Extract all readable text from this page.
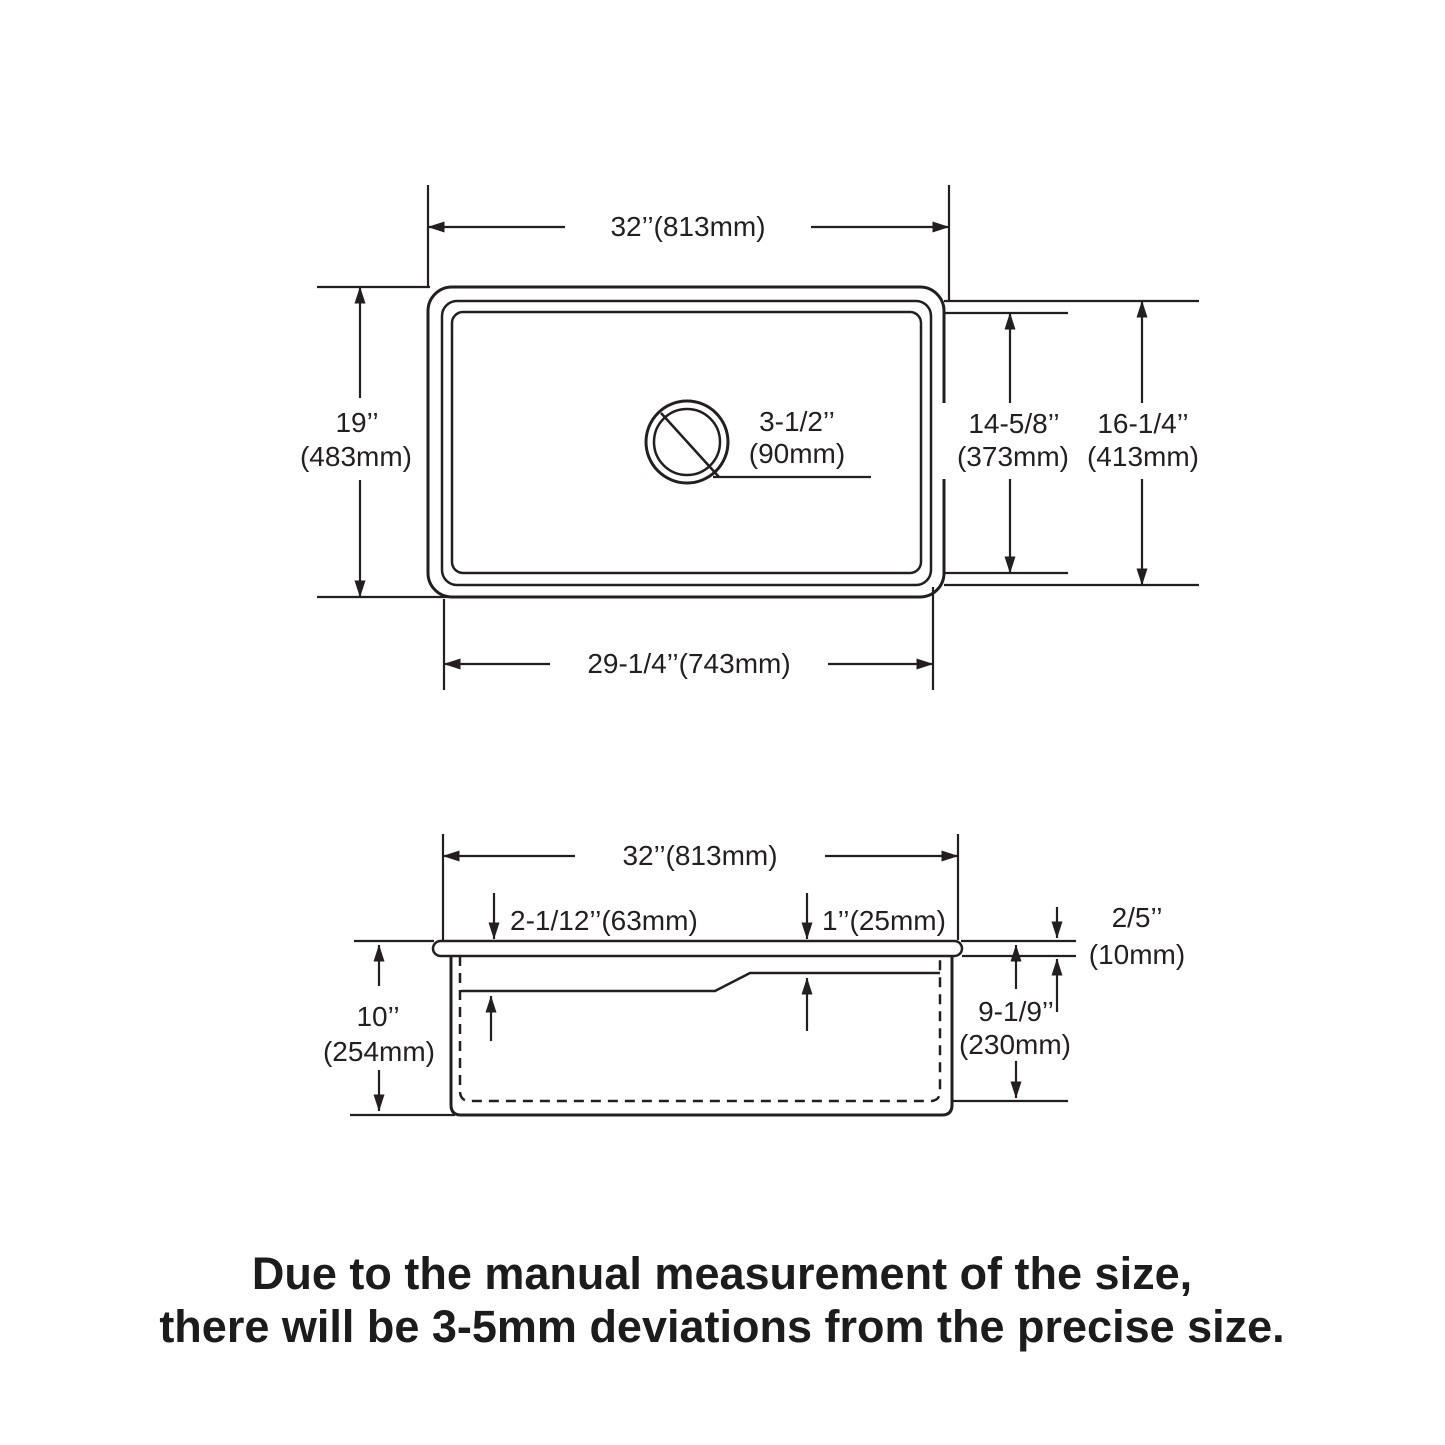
32’’(813mm)
19’’
(483mm)
3-1/2’’
(90mm)
14-5/8’’
(373mm)
16-1/4’’
(413mm)
29-1/4’’(743mm)
32’’(813mm)
2-1/12’’(63mm)	1’’(25mm)
10’’
(254mm)
9-1/9’’
(230mm)
2/5’’
(10mm)
Due to the manual measurement of the size,
there will be 3-5mm deviations from the precise size.
